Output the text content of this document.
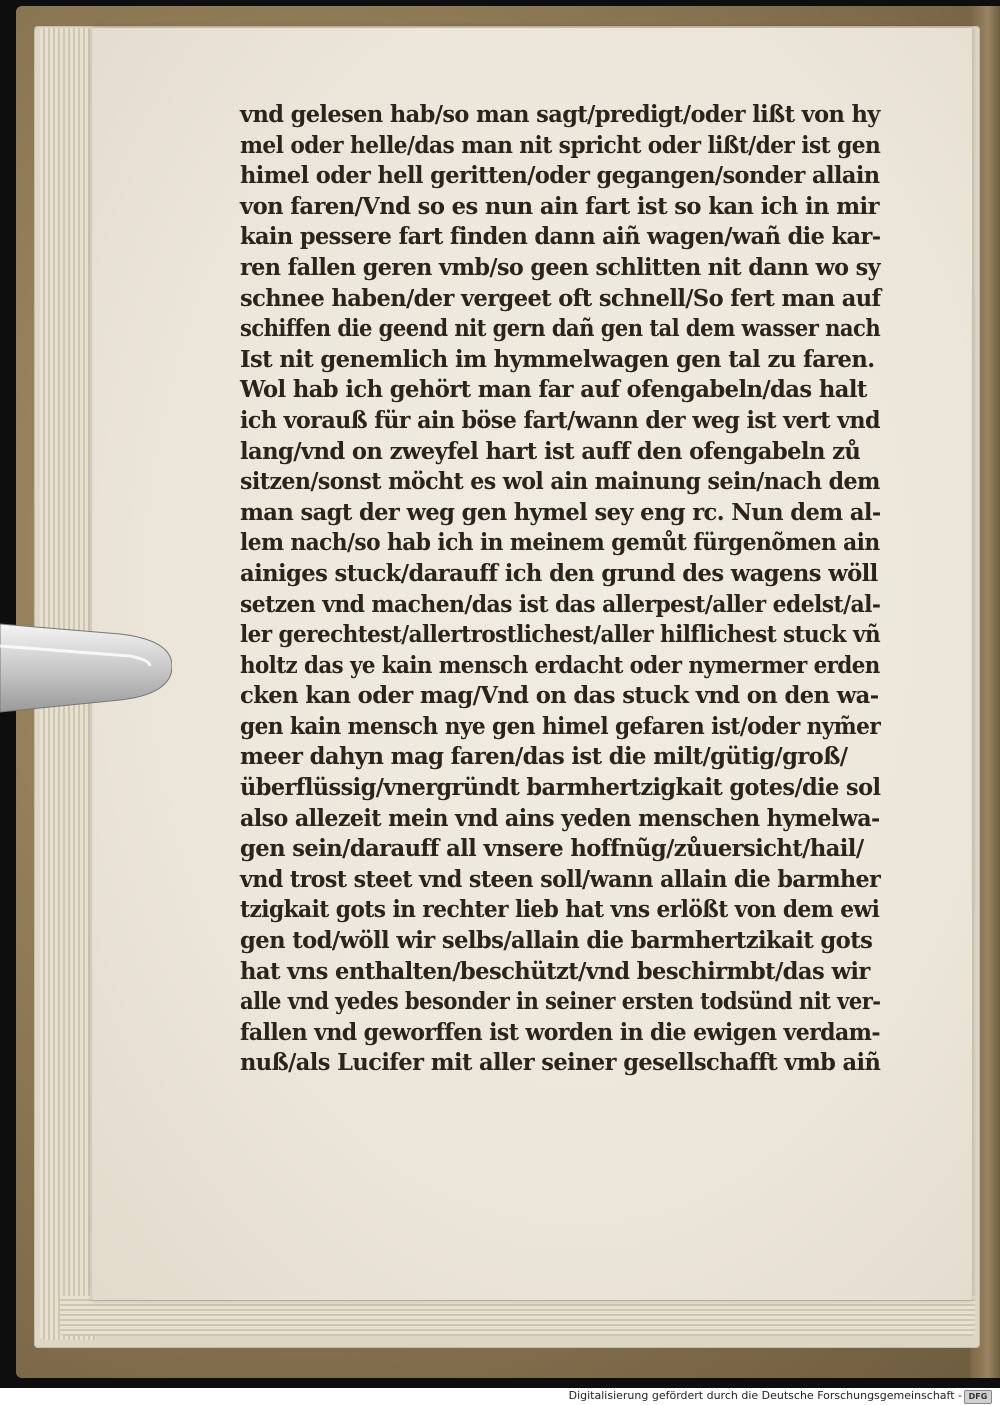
vnd gelesen hab/so man sagt/predigt/oder lißt von hy
mel oder helle/das man nit spricht oder lißt/der ist gen
himel oder hell geritten/oder gegangen/sonder allain
von faren/Vnd so es nun ain fart ist so kan ich in mir
kain pessere fart finden dann aiñ wagen/wañ die kar-
ren fallen geren vmb/so geen schlitten nit dann wo sy
schnee haben/der vergeet oft schnell/So fert man auf
schiffen die geend nit gern dañ gen tal dem wasser nach
Ist nit genemlich im hymmelwagen gen tal zu faren.
Wol hab ich gehört man far auf ofengabeln/das halt
ich vorauß für ain böse fart/wann der weg ist vert vnd
lang/vnd on zweyfel hart ist auff den ofengabeln zů
sitzen/sonst möcht es wol ain mainung sein/nach dem
man sagt der weg gen hymel sey eng rc. Nun dem al-
lem nach/so hab ich in meinem gemůt fürgenõmen ain
ainiges stuck/darauff ich den grund des wagens wöll
setzen vnd machen/das ist das allerpest/aller edelst/al-
ler gerechtest/allertrostlichest/aller hilflichest stuck vñ
holtz das ye kain mensch erdacht oder nymermer erden
cken kan oder mag/Vnd on das stuck vnd on den wa-
gen kain mensch nye gen himel gefaren ist/oder nym̃er
meer dahyn mag faren/das ist die milt/gütig/groß/
überflüssig/vnergründt barmhertzigkait gotes/die sol
also allezeit mein vnd ains yeden menschen hymelwa-
gen sein/darauff all vnsere hoffnũg/zůuersicht/hail/
vnd trost steet vnd steen soll/wann allain die barmher
tzigkait gots in rechter lieb hat vns erlößt von dem ewi
gen tod/wöll wir selbs/allain die barmhertzikait gots
hat vns enthalten/beschützt/vnd beschirmbt/das wir
alle vnd yedes besonder in seiner ersten todsünd nit ver-
fallen vnd geworffen ist worden in die ewigen verdam-
nuß/als Lucifer mit aller seiner gesellschafft vmb aiñ
Digitalisierung gefördert durch die Deutsche Forschungsgemeinschaft - DFG
